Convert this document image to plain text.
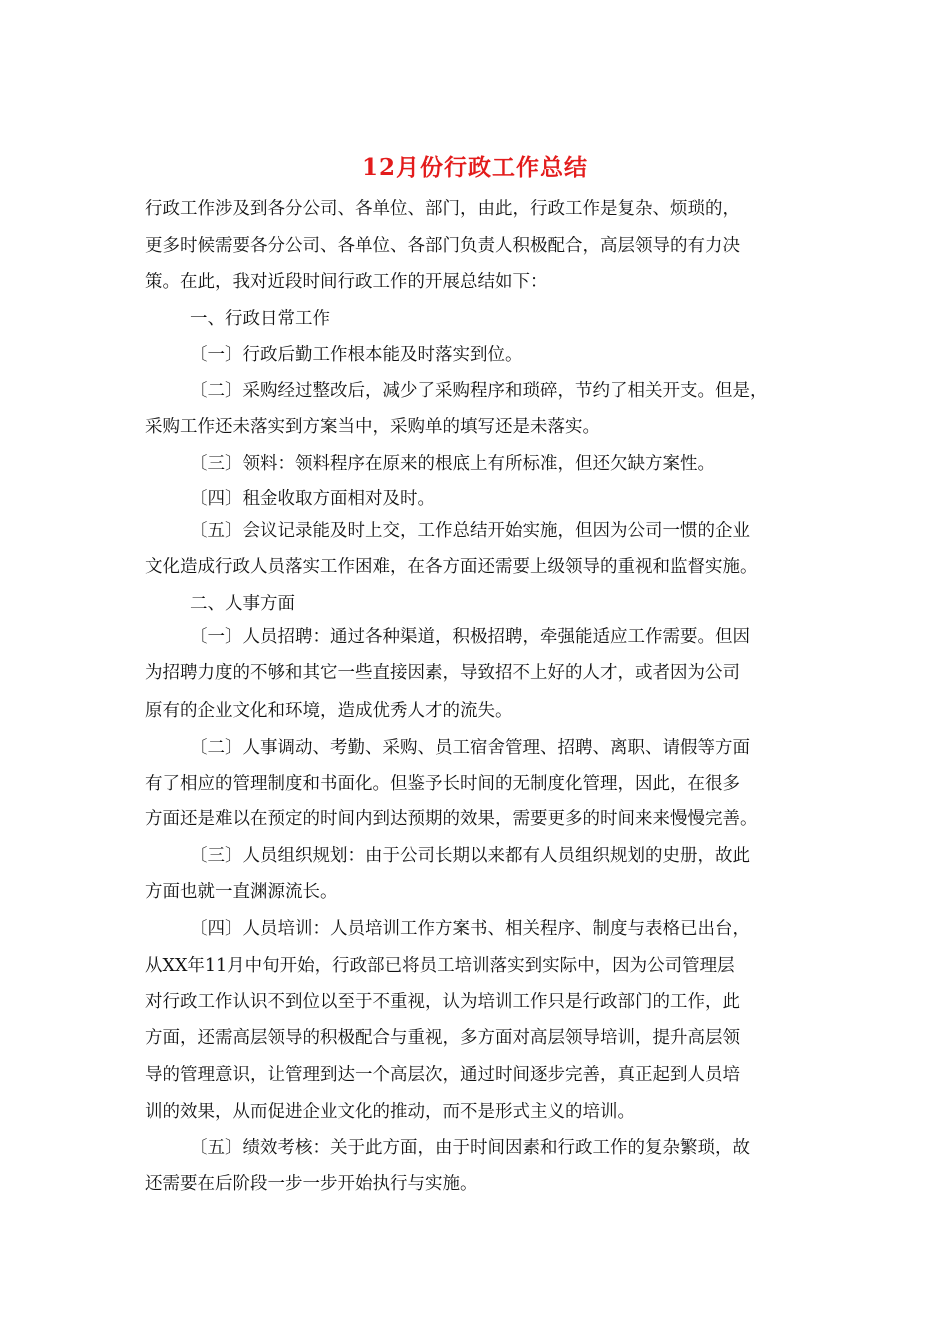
12月份行政工作总结
行政工作涉及到各分公司、各单位、部门，由此，行政工作是复杂、烦琐的，
更多时候需要各分公司、各单位、各部门负责人积极配合，高层领导的有力决
策。在此，我对近段时间行政工作的开展总结如下：
一、行政日常工作
〔一〕行政后勤工作根本能及时落实到位。
〔二〕采购经过整改后，减少了采购程序和琐碎，节约了相关开支。但是，
采购工作还未落实到方案当中，采购单的填写还是未落实。
〔三〕领料：领料程序在原来的根底上有所标准，但还欠缺方案性。
〔四〕租金收取方面相对及时。
〔五〕会议记录能及时上交，工作总结开始实施，但因为公司一惯的企业
文化造成行政人员落实工作困难，在各方面还需要上级领导的重视和监督实施。
二、人事方面
〔一〕人员招聘：通过各种渠道，积极招聘，牵强能适应工作需要。但因
为招聘力度的不够和其它一些直接因素，导致招不上好的人才，或者因为公司
原有的企业文化和环境，造成优秀人才的流失。
〔二〕人事调动、考勤、采购、员工宿舍管理、招聘、离职、请假等方面
有了相应的管理制度和书面化。但鉴予长时间的无制度化管理，因此，在很多
方面还是难以在预定的时间内到达预期的效果，需要更多的时间来来慢慢完善。
〔三〕人员组织规划：由于公司长期以来都有人员组织规划的史册，故此
方面也就一直渊源流长。
〔四〕人员培训：人员培训工作方案书、相关程序、制度与表格已出台，
从XX年11月中旬开始，行政部已将员工培训落实到实际中，因为公司管理层
对行政工作认识不到位以至于不重视，认为培训工作只是行政部门的工作，此
方面，还需高层领导的积极配合与重视，多方面对高层领导培训，提升高层领
导的管理意识，让管理到达一个高层次，通过时间逐步完善，真正起到人员培
训的效果，从而促进企业文化的推动，而不是形式主义的培训。
〔五〕绩效考核：关于此方面，由于时间因素和行政工作的复杂繁琐，故
还需要在后阶段一步一步开始执行与实施。
